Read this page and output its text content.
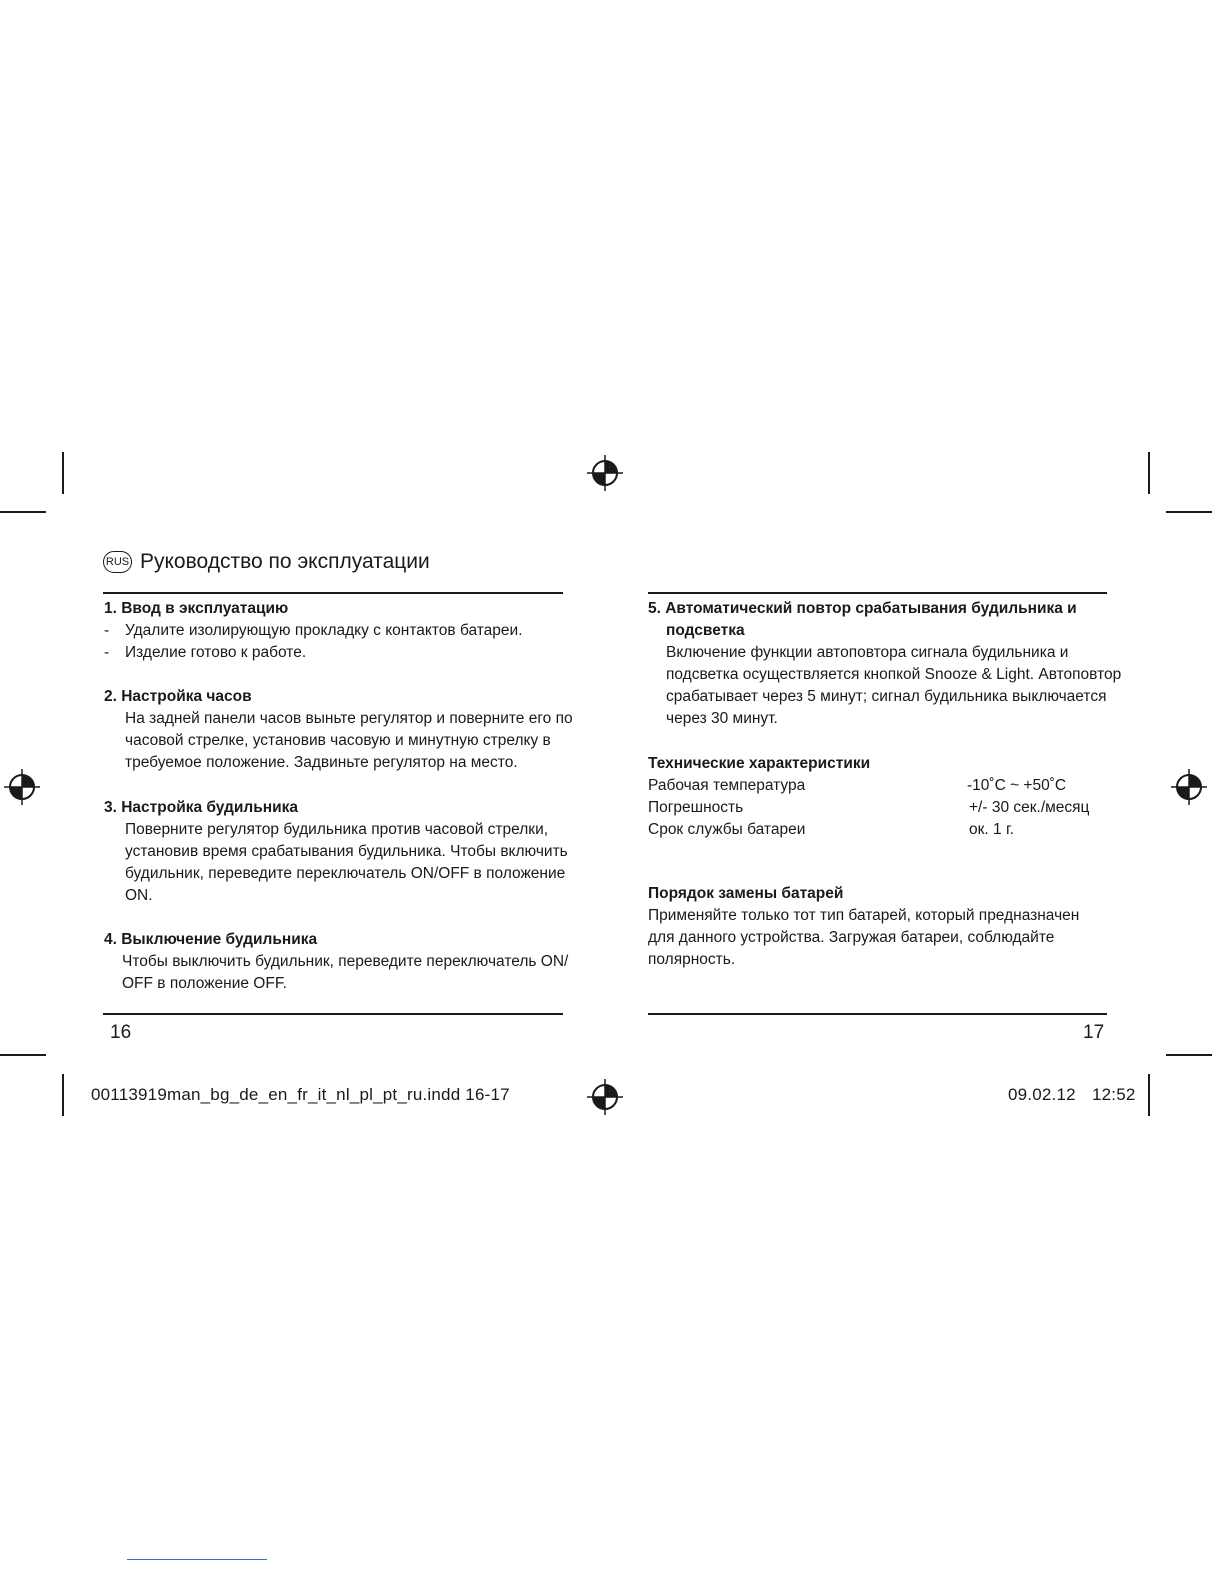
RUS Руководство по эксплуатации
1. Ввод в эксплуатацию
- Удалите изолирующую прокладку с контактов батареи.
- Изделие готово к работе.
2. Настройка часов
На задней панели часов выньте регулятор и поверните его по
часовой стрелке, установив часовую и минутную стрелку в
требуемое положение. Задвиньте регулятор на место.
3. Настройка будильника
Поверните регулятор будильника против часовой стрелки,
установив время срабатывания будильника. Чтобы включить
будильник, переведите переключатель ON/OFF в положение
ON.
4. Выключение будильника
Чтобы выключить будильник, переведите переключатель ON/
OFF в положение OFF.
16
5. Автоматический повтор срабатывания будильника и
подсветка
Включение функции автоповтора сигнала будильника и
подсветка осуществляется кнопкой Snooze & Light. Автоповтор
срабатывает через 5 минут; сигнал будильника выключается
через 30 минут.
Технические характеристики
Рабочая температура	-10˚C ~ +50˚C
Погрешность	+/- 30 сек./месяц
Срок службы батареи	ок. 1 г.
Порядок замены батарей
Применяйте только тот тип батарей, который предназначен
для данного устройства. Загружая батареи, соблюдайте
полярность.
17
00113919man_bg_de_en_fr_it_nl_pl_pt_ru.indd 16-17	09.02.12 12:52
